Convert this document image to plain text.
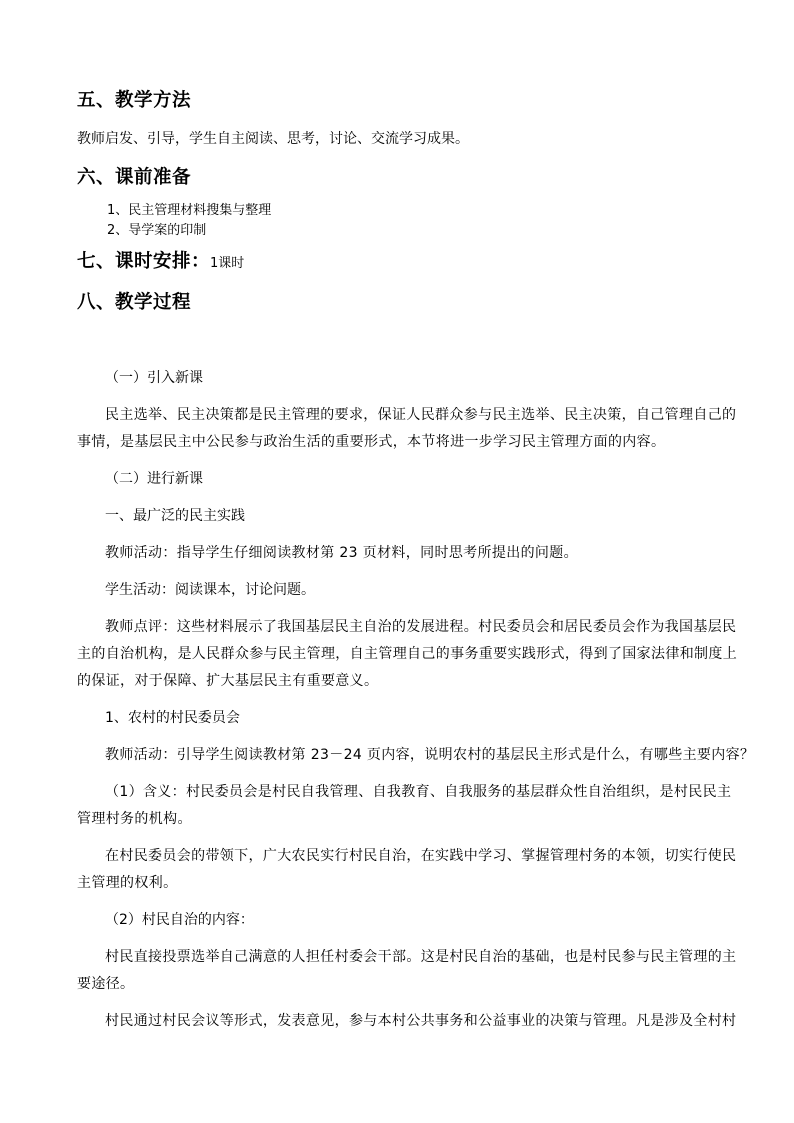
五、教学方法
教师启发、引导，学生自主阅读、思考，讨论、交流学习成果。
六、课前准备
1、民主管理材料搜集与整理
2、导学案的印制
七、课时安排：1课时
八、教学过程
（一）引入新课
民主选举、民主决策都是民主管理的要求，保证人民群众参与民主选举、民主决策，自己管理自己的
事情，是基层民主中公民参与政治生活的重要形式，本节将进一步学习民主管理方面的内容。
（二）进行新课
一、最广泛的民主实践
教师活动：指导学生仔细阅读教材第 23 页材料，同时思考所提出的问题。
学生活动：阅读课本，讨论问题。
教师点评：这些材料展示了我国基层民主自治的发展进程。村民委员会和居民委员会作为我国基层民
主的自治机构，是人民群众参与民主管理，自主管理自己的事务重要实践形式，得到了国家法律和制度上
的保证，对于保障、扩大基层民主有重要意义。
1、农村的村民委员会
教师活动：引导学生阅读教材第 23－24 页内容，说明农村的基层民主形式是什么，有哪些主要内容？
（1）含义：村民委员会是村民自我管理、自我教育、自我服务的基层群众性自治组织，是村民民主
管理村务的机构。
在村民委员会的带领下，广大农民实行村民自治，在实践中学习、掌握管理村务的本领，切实行使民
主管理的权利。
（2）村民自治的内容：
村民直接投票选举自己满意的人担任村委会干部。这是村民自治的基础，也是村民参与民主管理的主
要途径。
村民通过村民会议等形式，发表意见，参与本村公共事务和公益事业的决策与管理。凡是涉及全村村
